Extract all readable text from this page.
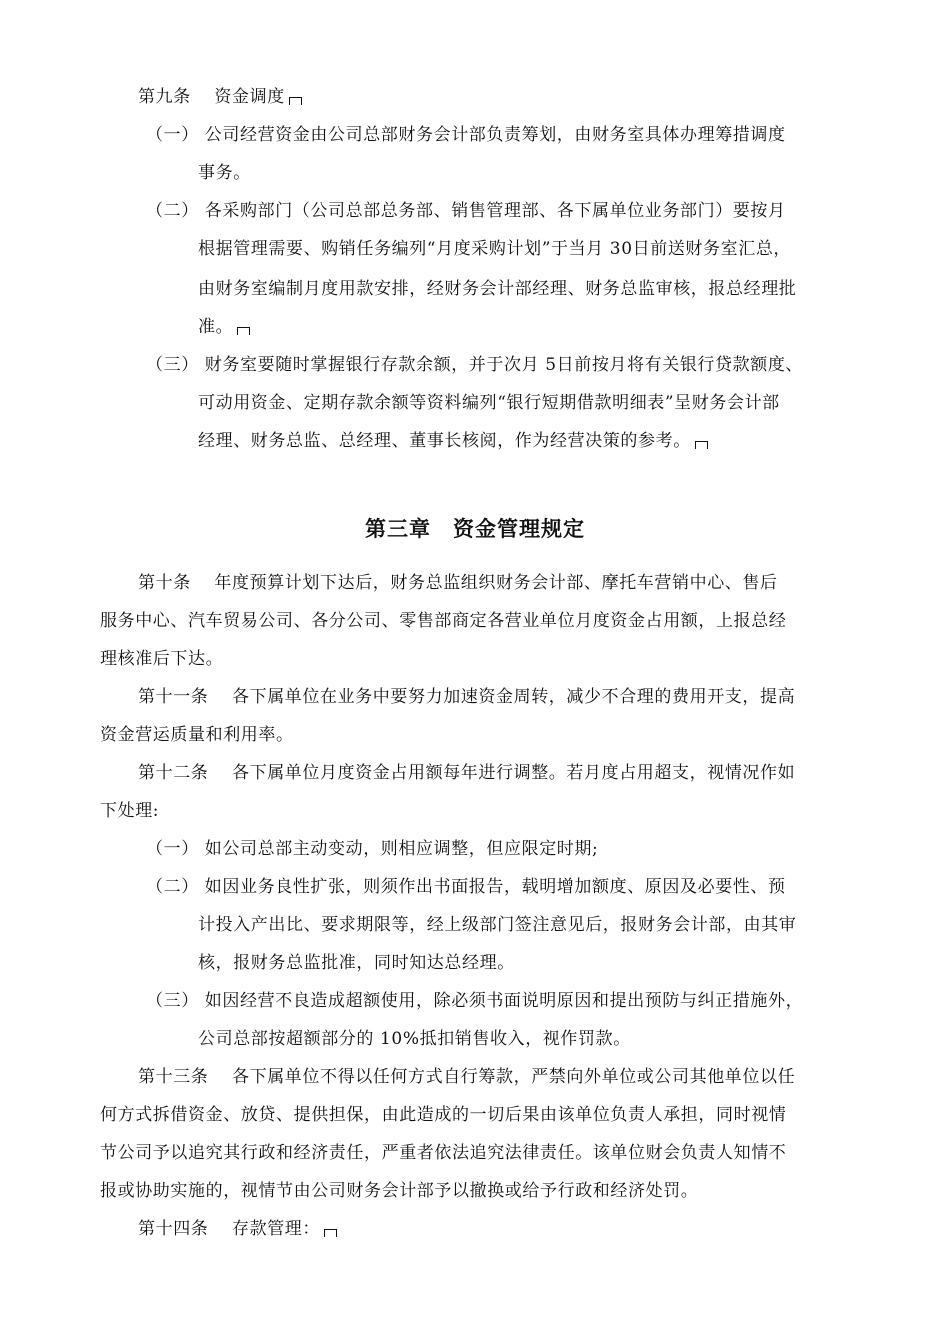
第九条　 资金调度
（一） 公司经营资金由公司总部财务会计部负责筹划，由财务室具体办理筹措调度
事务。
（二） 各采购部门（公司总部总务部、销售管理部、各下属单位业务部门）要按月
根据管理需要、购销任务编列“月度采购计划”于当月 30日前送财务室汇总，
由财务室编制月度用款安排，经财务会计部经理、财务总监审核，报总经理批
准。
（三） 财务室要随时掌握银行存款余额，并于次月 5日前按月将有关银行贷款额度、
可动用资金、定期存款余额等资料编列“银行短期借款明细表”呈财务会计部
经理、财务总监、总经理、董事长核阅，作为经营决策的参考。
第三章　资金管理规定
第十条　 年度预算计划下达后，财务总监组织财务会计部、摩托车营销中心、售后
服务中心、汽车贸易公司、各分公司、零售部商定各营业单位月度资金占用额，上报总经
理核准后下达。
第十一条　 各下属单位在业务中要努力加速资金周转，减少不合理的费用开支，提高
资金营运质量和利用率。
第十二条　 各下属单位月度资金占用额每年进行调整。若月度占用超支，视情况作如
下处理:
（一） 如公司总部主动变动，则相应调整，但应限定时期;
（二） 如因业务良性扩张，则须作出书面报告，载明增加额度、原因及必要性、预
计投入产出比、要求期限等，经上级部门签注意见后，报财务会计部，由其审
核，报财务总监批准，同时知达总经理。
（三） 如因经营不良造成超额使用，除必须书面说明原因和提出预防与纠正措施外，
公司总部按超额部分的 10%抵扣销售收入，视作罚款。
第十三条　 各下属单位不得以任何方式自行筹款，严禁向外单位或公司其他单位以任
何方式拆借资金、放贷、提供担保，由此造成的一切后果由该单位负责人承担，同时视情
节公司予以追究其行政和经济责任，严重者依法追究法律责任。该单位财会负责人知情不
报或协助实施的，视情节由公司财务会计部予以撤换或给予行政和经济处罚。
第十四条　 存款管理：
